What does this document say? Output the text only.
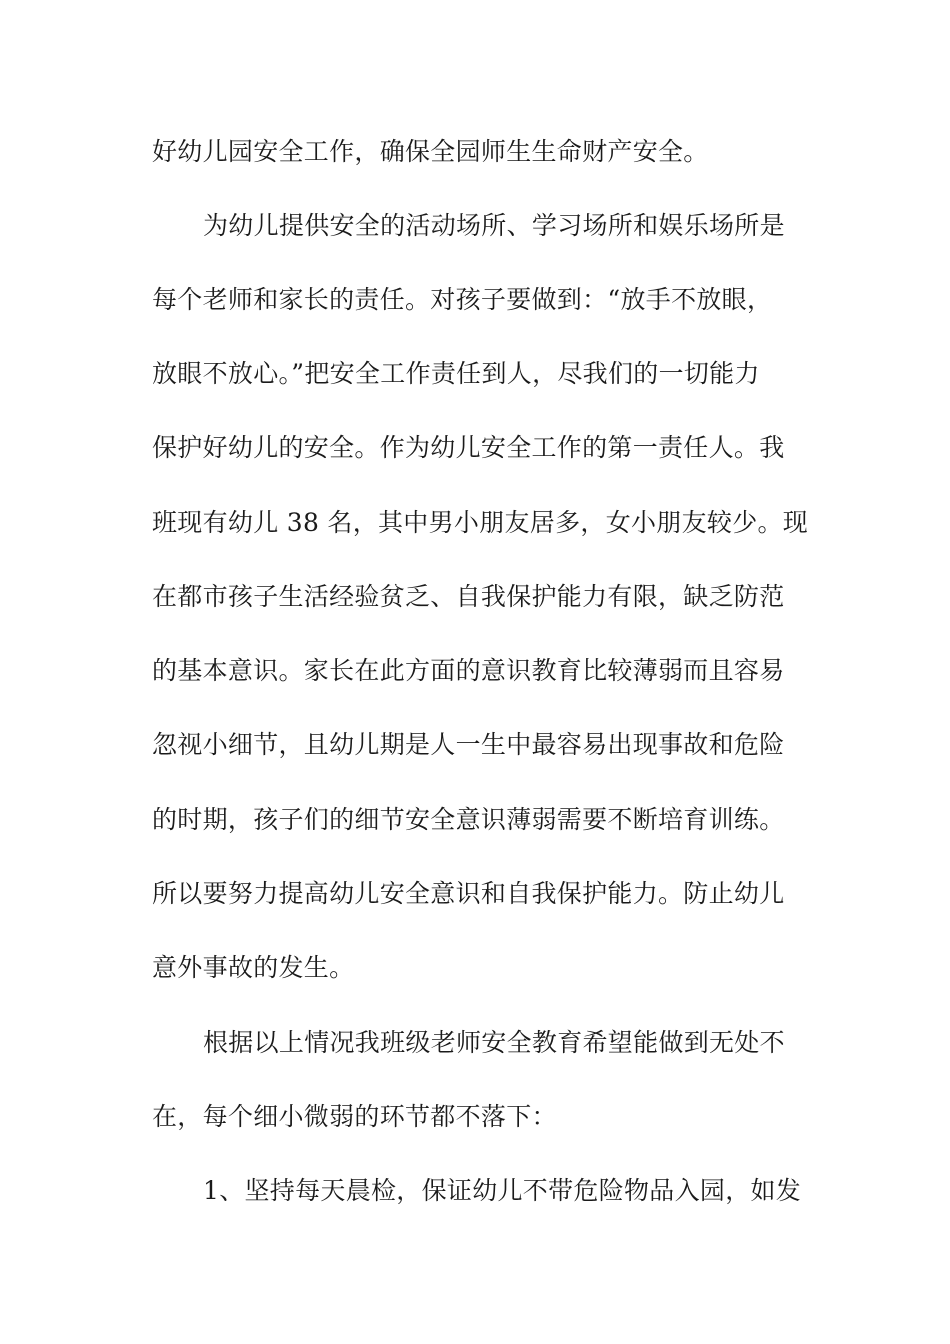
好幼儿园安全工作，确保全园师生生命财产安全。
为幼儿提供安全的活动场所、学习场所和娱乐场所是
每个老师和家长的责任。对孩子要做到：“放手不放眼，
放眼不放心。”把安全工作责任到人，尽我们的一切能力
保护好幼儿的安全。作为幼儿安全工作的第一责任人。我
班现有幼儿 38 名，其中男小朋友居多，女小朋友较少。现
在都市孩子生活经验贫乏、自我保护能力有限，缺乏防范
的基本意识。家长在此方面的意识教育比较薄弱而且容易
忽视小细节，且幼儿期是人一生中最容易出现事故和危险
的时期，孩子们的细节安全意识薄弱需要不断培育训练。
所以要努力提高幼儿安全意识和自我保护能力。防止幼儿
意外事故的发生。
根据以上情况我班级老师安全教育希望能做到无处不
在，每个细小微弱的环节都不落下：
1、坚持每天晨检，保证幼儿不带危险物品入园，如发
